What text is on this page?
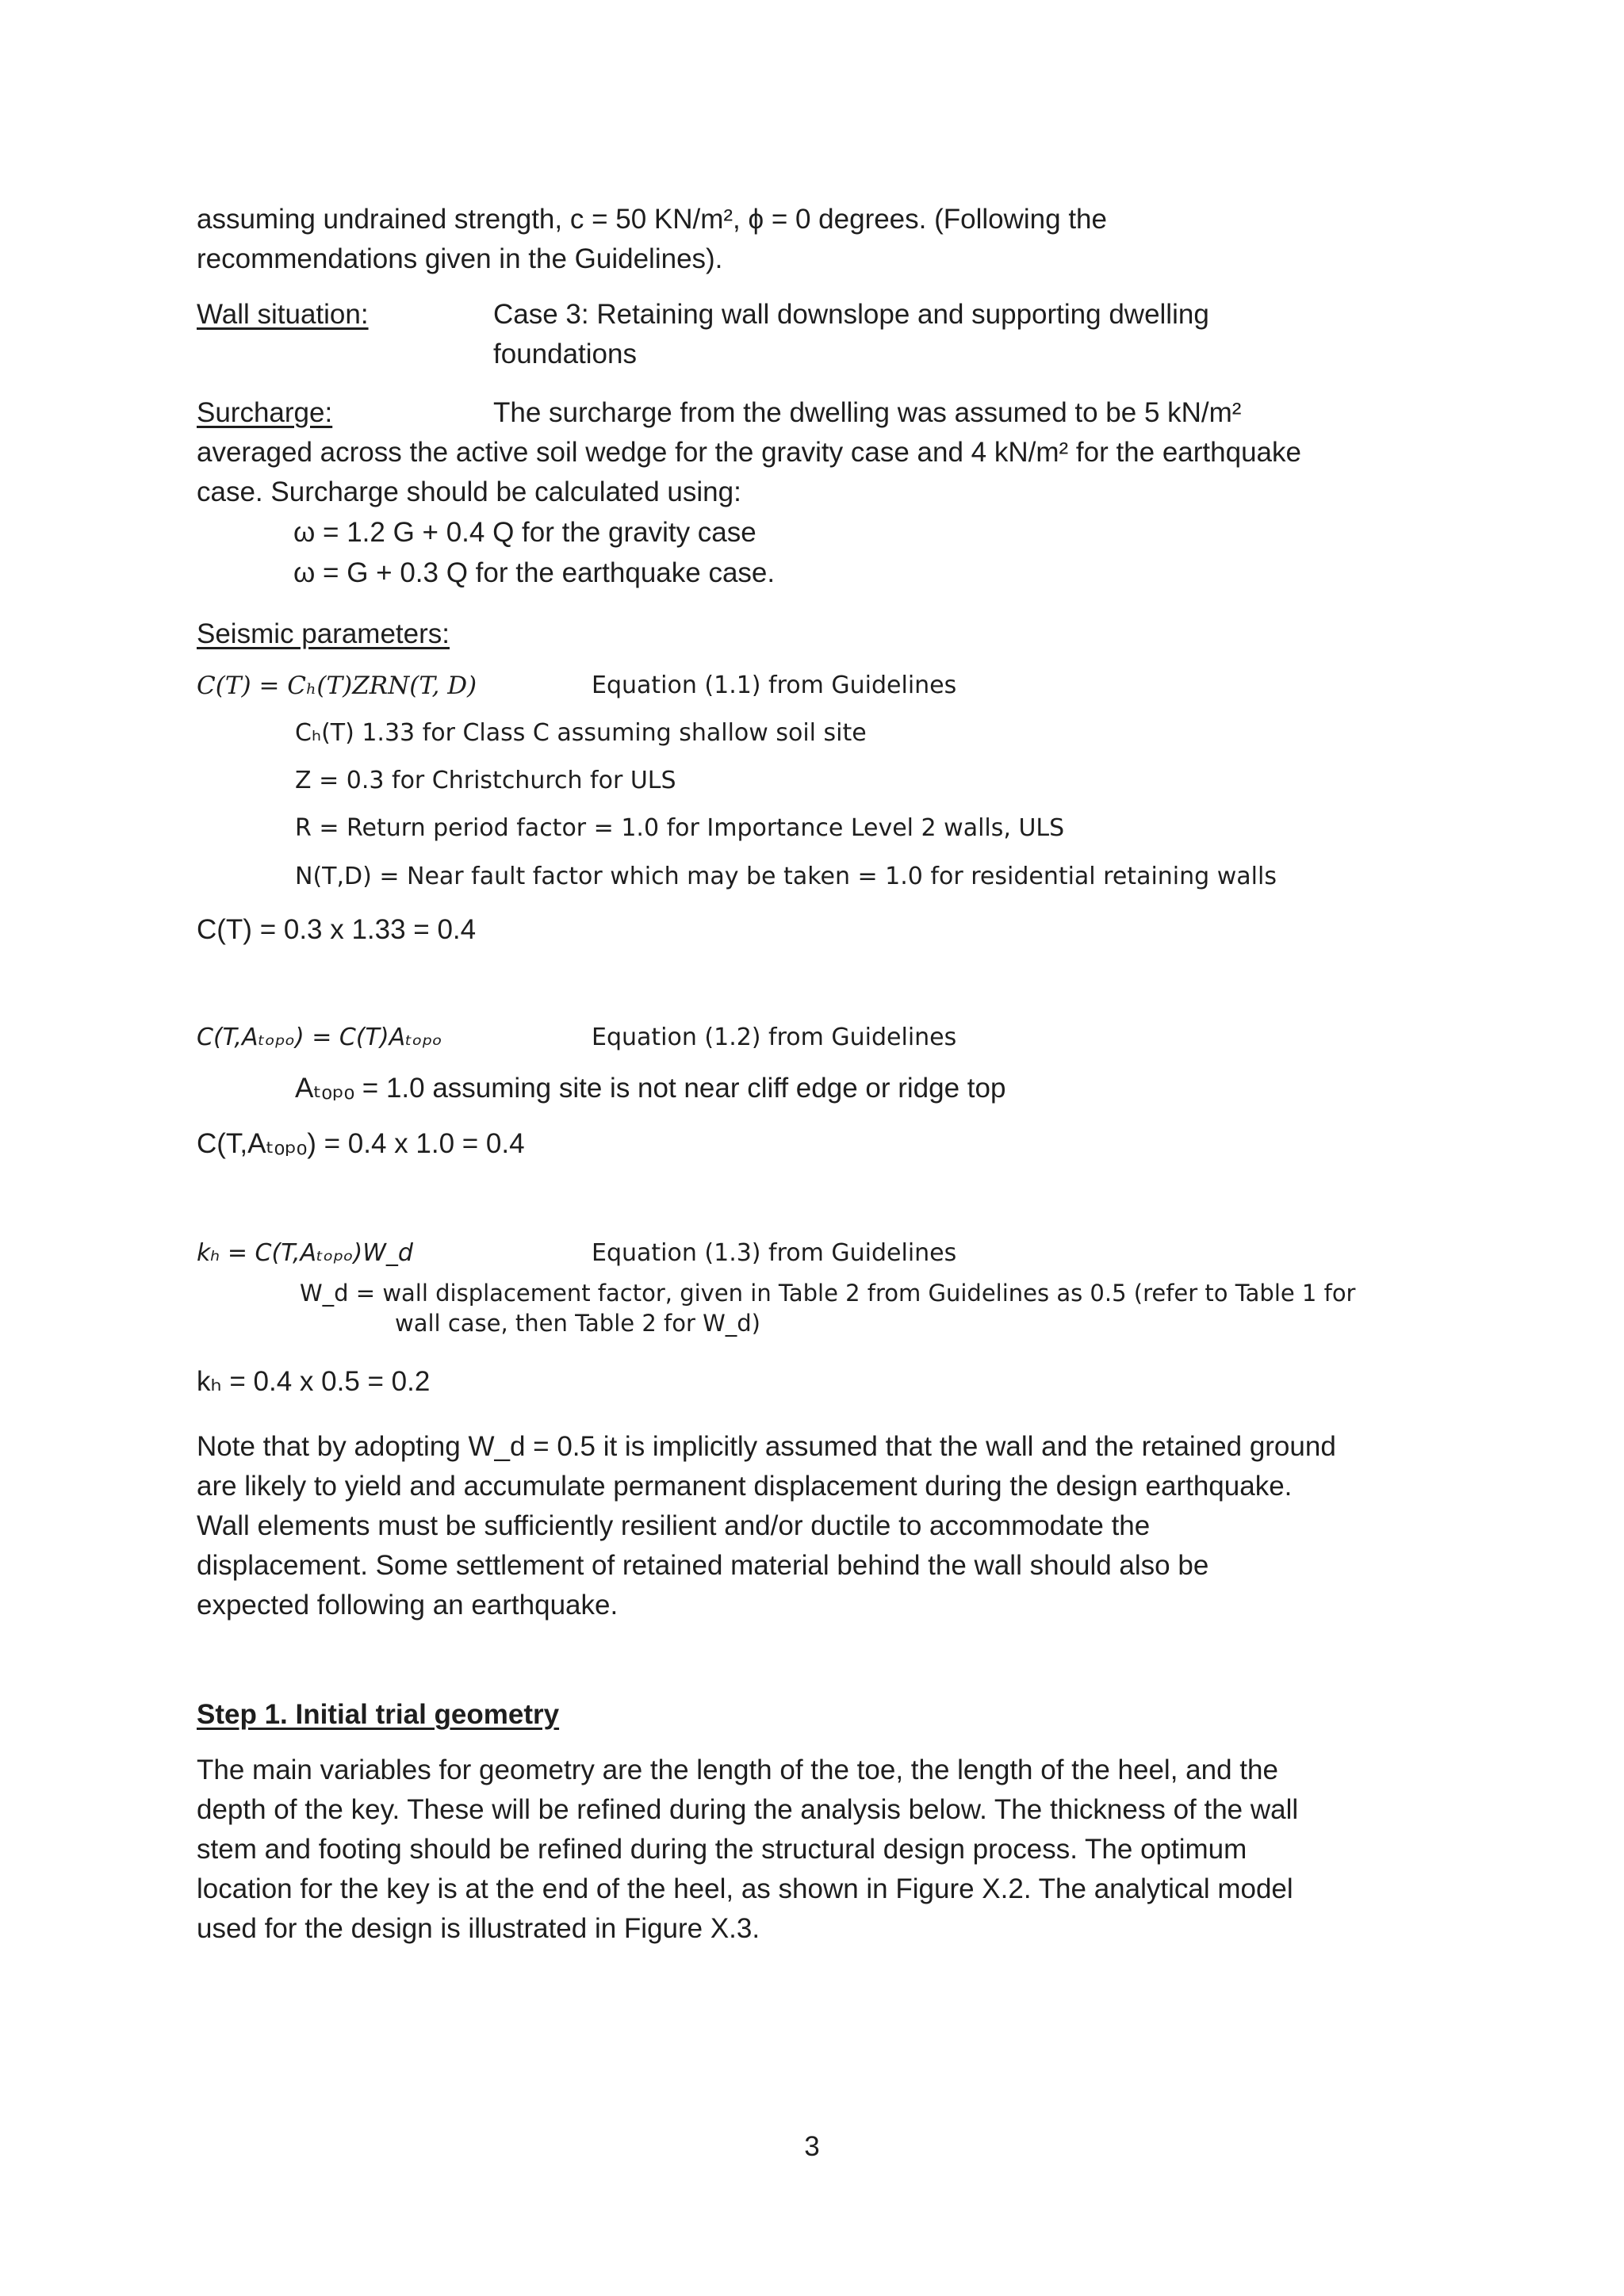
assuming undrained strength, c = 50 KN/m², ϕ = 0 degrees. (Following the
recommendations given in the Guidelines).
Wall situation:	Case 3: Retaining wall downslope and supporting dwelling
foundations
Surcharge:	The surcharge from the dwelling was assumed to be 5 kN/m²
averaged across the active soil wedge for the gravity case and 4 kN/m² for the earthquake
case. Surcharge should be calculated using:
ω = 1.2 G + 0.4 Q for the gravity case
ω = G + 0.3 Q for the earthquake case.
Seismic parameters:
C(T) = Cₕ(T)ZRN(T, D)	Equation (1.1) from Guidelines
Cₕ(T) 1.33 for Class C assuming shallow soil site
Z = 0.3 for Christchurch for ULS
R = Return period factor = 1.0 for Importance Level 2 walls, ULS
N(T,D) = Near fault factor which may be taken = 1.0 for residential retaining walls
C(T) = 0.3 x 1.33 = 0.4
C(T,Aₜₒₚₒ) = C(T)Aₜₒₚₒ	Equation (1.2) from Guidelines
Aₜₒₚₒ = 1.0 assuming site is not near cliff edge or ridge top
C(T,Aₜₒₚₒ) = 0.4 x 1.0 = 0.4
kₕ = C(T,Aₜₒₚₒ)W_d	Equation (1.3) from Guidelines
W_d = wall displacement factor, given in Table 2 from Guidelines as 0.5 (refer to Table 1 for
wall case, then Table 2 for W_d)
kₕ = 0.4 x 0.5 = 0.2
Note that by adopting W_d = 0.5 it is implicitly assumed that the wall and the retained ground
are likely to yield and accumulate permanent displacement during the design earthquake.
Wall elements must be sufficiently resilient and/or ductile to accommodate the
displacement. Some settlement of retained material behind the wall should also be
expected following an earthquake.
Step 1. Initial trial geometry
The main variables for geometry are the length of the toe, the length of the heel, and the
depth of the key. These will be refined during the analysis below. The thickness of the wall
stem and footing should be refined during the structural design process. The optimum
location for the key is at the end of the heel, as shown in Figure X.2. The analytical model
used for the design is illustrated in Figure X.3.
3
